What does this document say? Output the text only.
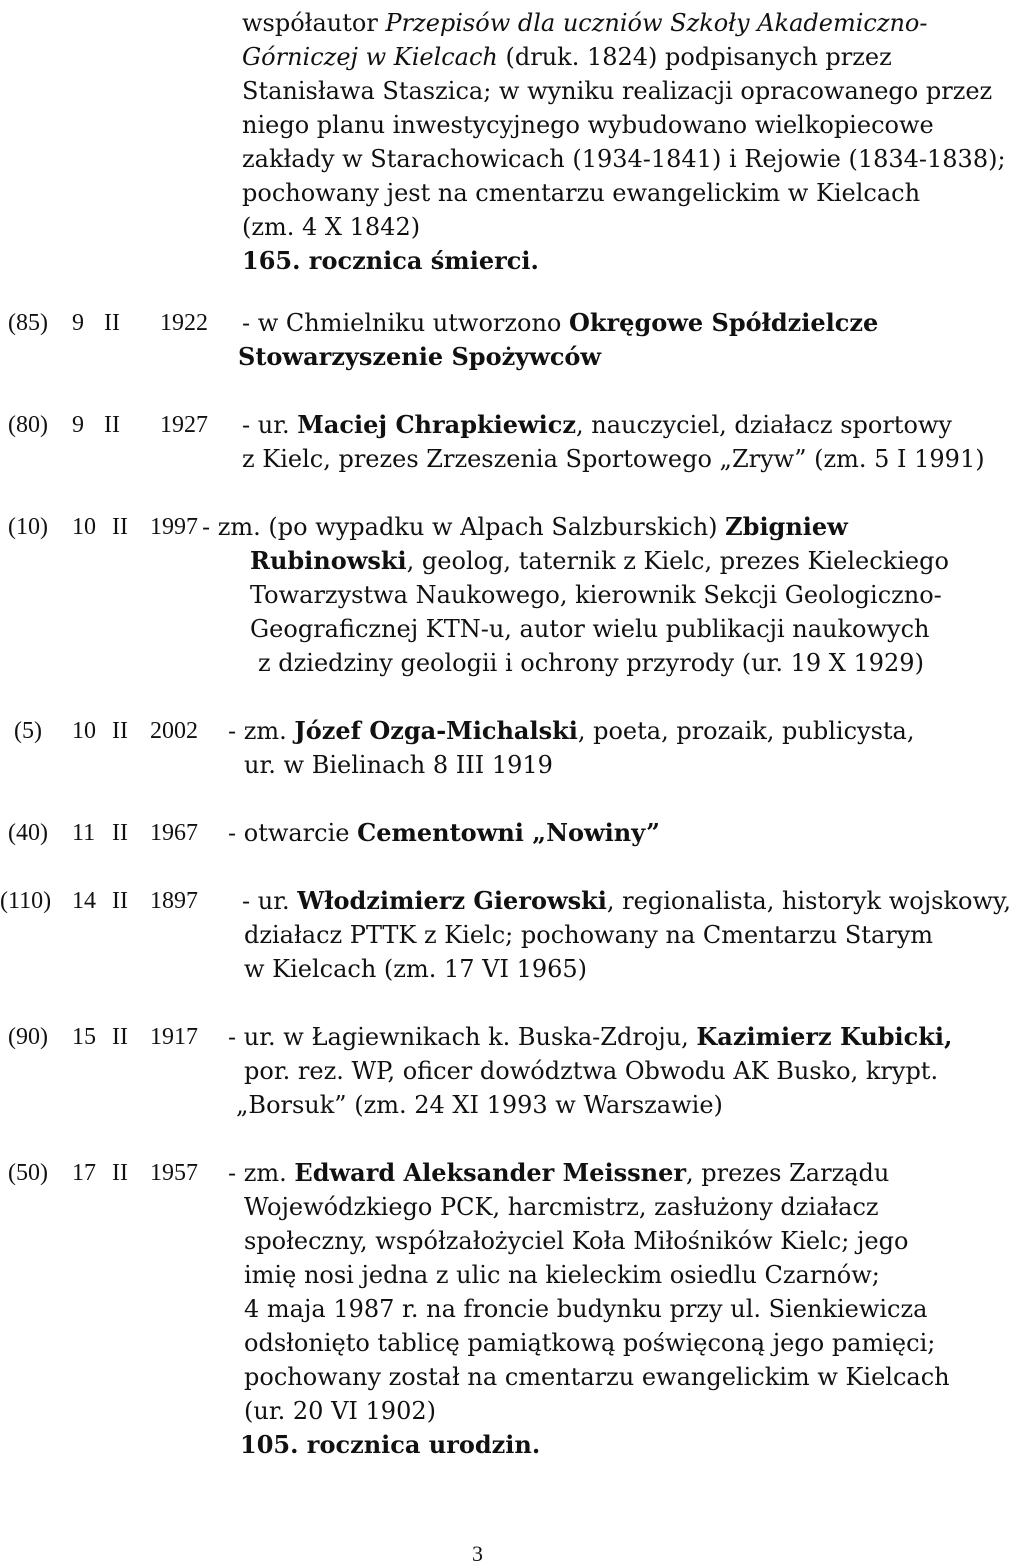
współautor Przepisów dla uczniów Szkoły Akademiczno-
Górniczej w Kielcach (druk. 1824) podpisanych przez
Stanisława Staszica; w wyniku realizacji opracowanego przez
niego planu inwestycyjnego wybudowano wielkopiecowe
zakłady w Starachowicach (1934-1841) i Rejowie (1834-1838);
pochowany jest na cmentarzu ewangelickim w Kielcach
(zm. 4 X 1842)
165. rocznica śmierci.
(85) 9 II 1922 - w Chmielniku utworzono Okręgowe Spółdzielcze
Stowarzyszenie Spożywców
(80) 9 II 1927 - ur. Maciej Chrapkiewicz, nauczyciel, działacz sportowy
z Kielc, prezes Zrzeszenia Sportowego „Zryw” (zm. 5 I 1991)
(10) 10 II 1997 - zm. (po wypadku w Alpach Salzburskich) Zbigniew
Rubinowski, geolog, taternik z Kielc, prezes Kieleckiego
Towarzystwa Naukowego, kierownik Sekcji Geologiczno-
Geograficznej KTN-u, autor wielu publikacji naukowych
z dziedziny geologii i ochrony przyrody (ur. 19 X 1929)
(5) 10 II 2002 - zm. Józef Ozga-Michalski, poeta, prozaik, publicysta,
ur. w Bielinach 8 III 1919
(40) 11 II 1967 - otwarcie Cementowni „Nowiny”
(110) 14 II 1897 - ur. Włodzimierz Gierowski, regionalista, historyk wojskowy,
działacz PTTK z Kielc; pochowany na Cmentarzu Starym
w Kielcach (zm. 17 VI 1965)
(90) 15 II 1917 - ur. w Łagiewnikach k. Buska-Zdroju, Kazimierz Kubicki,
por. rez. WP, oficer dowództwa Obwodu AK Busko, krypt.
„Borsuk” (zm. 24 XI 1993 w Warszawie)
(50) 17 II 1957 - zm. Edward Aleksander Meissner, prezes Zarządu
Wojewódzkiego PCK, harcmistrz, zasłużony działacz
społeczny, współzałożyciel Koła Miłośników Kielc; jego
imię nosi jedna z ulic na kieleckim osiedlu Czarnów;
4 maja 1987 r. na froncie budynku przy ul. Sienkiewicza
odsłonięto tablicę pamiątkową poświęconą jego pamięci;
pochowany został na cmentarzu ewangelickim w Kielcach
(ur. 20 VI 1902)
105. rocznica urodzin.
3
